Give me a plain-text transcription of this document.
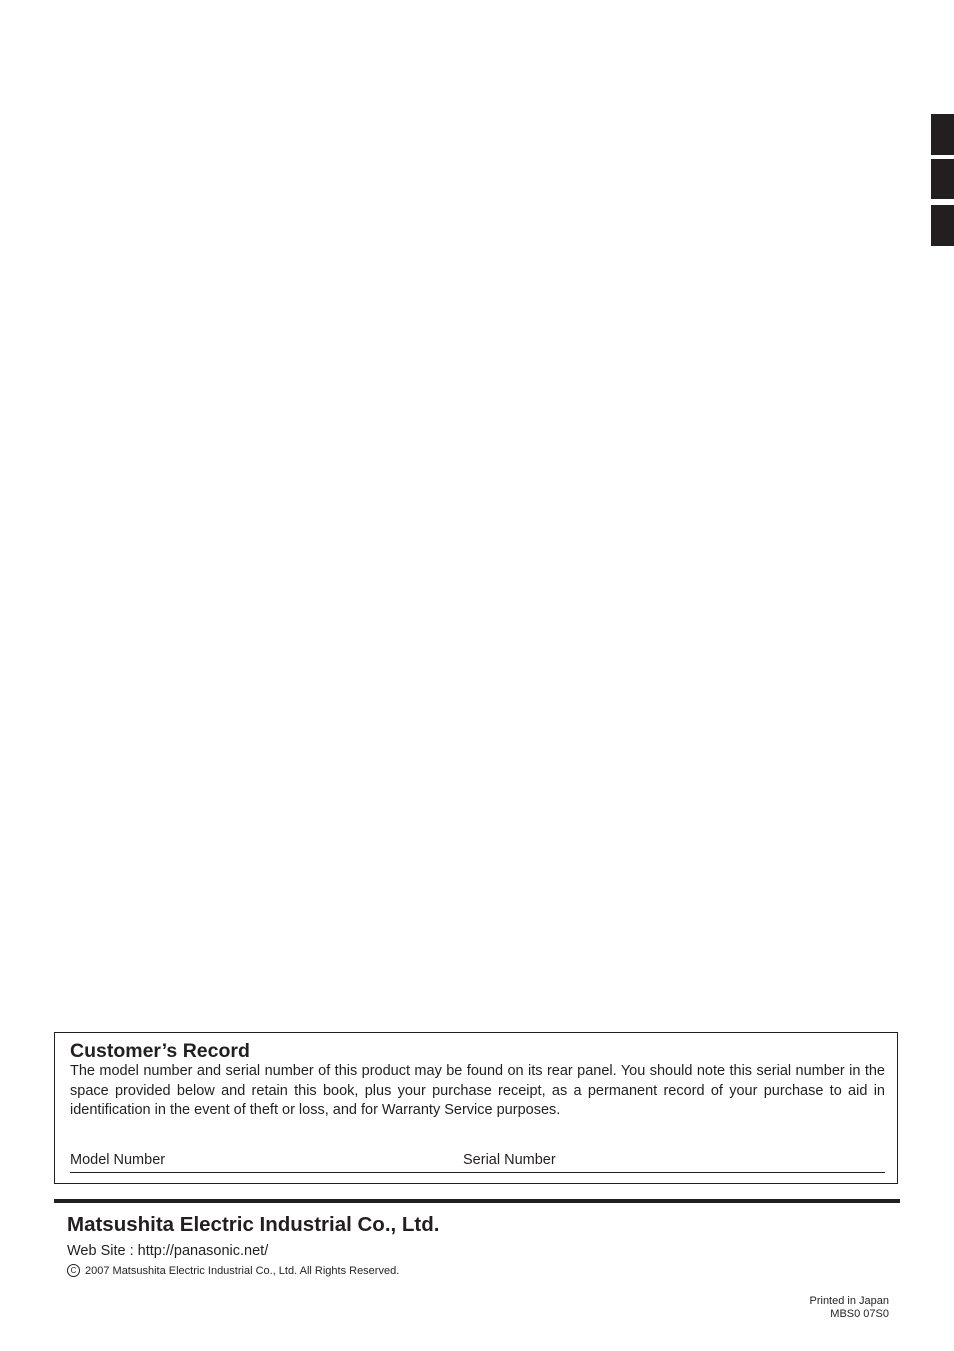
Customer’s Record

The model number and serial number of this product may be found on its rear panel. You should note this serial number in the space provided below and retain this book, plus your purchase receipt, as a permanent record of your purchase to aid in identification in the event of theft or loss, and for Warranty Service purposes.

Model Number	Serial Number
Matsushita Electric Industrial Co., Ltd.
Web Site : http://panasonic.net/
C 2007 Matsushita Electric Industrial Co., Ltd. All Rights Reserved.
Printed in Japan
MBS0 07S0
